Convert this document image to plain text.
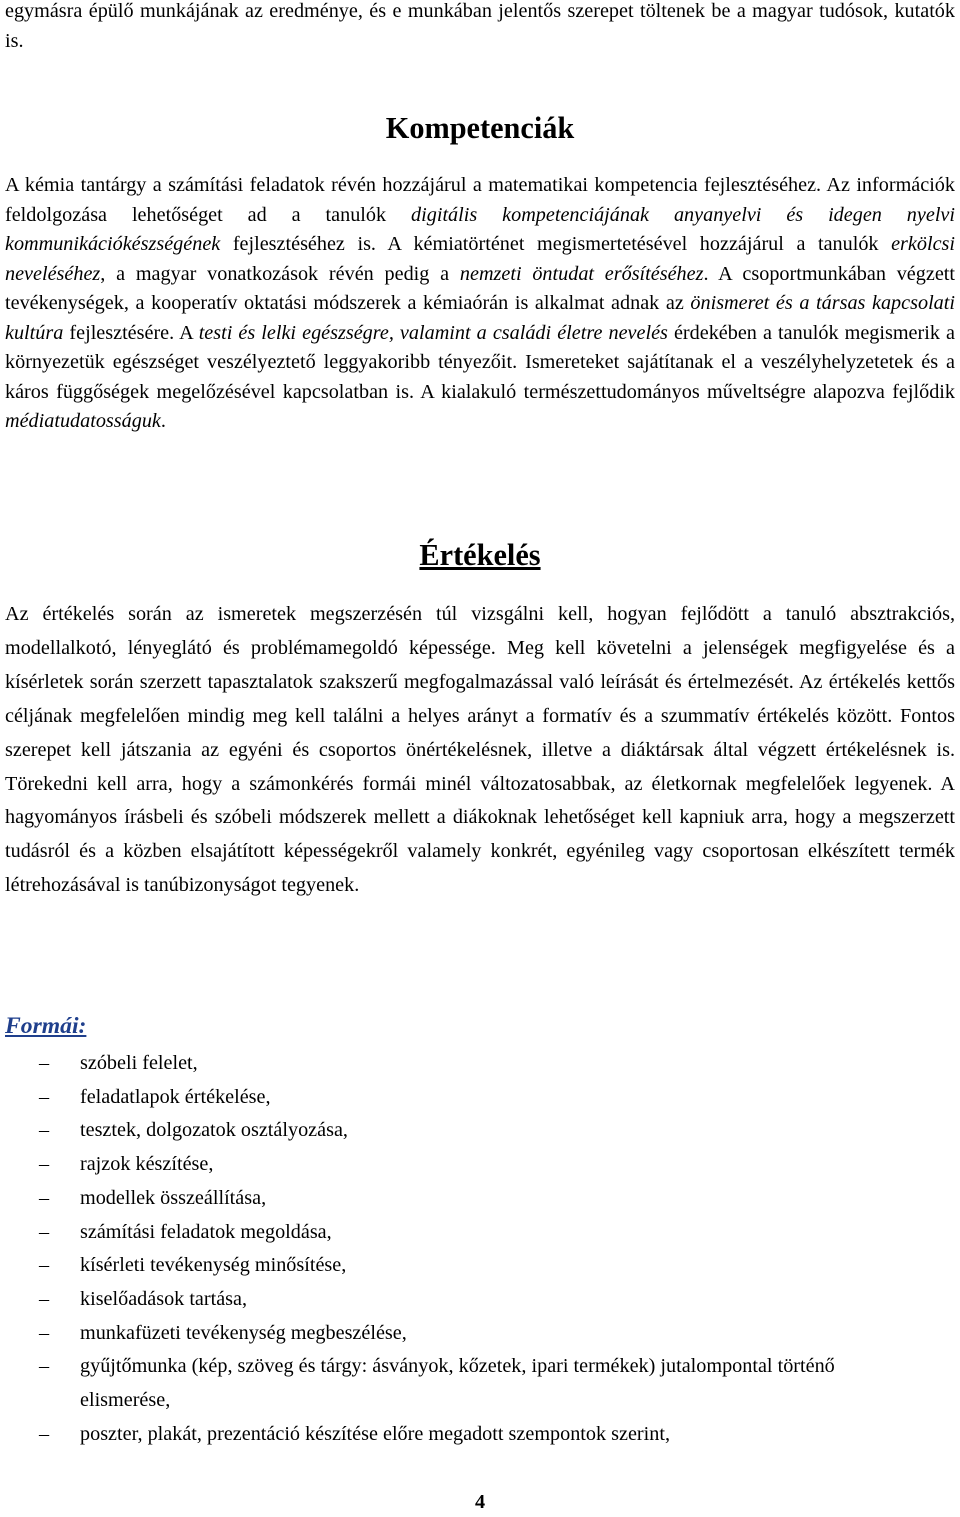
egymásra épülő munkájának az eredménye, és e munkában jelentős szerepet töltenek be a magyar tudósok, kutatók is.

Kompetenciák

A kémia tantárgy a számítási feladatok révén hozzájárul a matematikai kompetencia fejlesztéséhez. Az információk feldolgozása lehetőséget ad a tanulók digitális kompetenciájának anyanyelvi és idegen nyelvi kommunikációkészségének fejlesztéséhez is. A kémiatörténet megismertetésével hozzájárul a tanulók erkölcsi neveléséhez, a magyar vonatkozások révén pedig a nemzeti öntudat erősítéséhez. A csoportmunkában végzett tevékenységek, a kooperatív oktatási módszerek a kémiaórán is alkalmat adnak az önismeret és a társas kapcsolati kultúra fejlesztésére. A testi és lelki egészségre, valamint a családi életre nevelés érdekében a tanulók megismerik a környezetük egészséget veszélyeztető leggyakoribb tényezőit. Ismereteket sajátítanak el a veszélyhelyzetetek és a káros függőségek megelőzésével kapcsolatban is. A kialakuló természettudományos műveltségre alapozva fejlődik médiatudatosságuk.

Értékelés

Az értékelés során az ismeretek megszerzésén túl vizsgálni kell, hogyan fejlődött a tanuló absztrakciós, modellalkotó, lényeglátó és problémamegoldó képessége. Meg kell követelni a jelenségek megfigyelése és a kísérletek során szerzett tapasztalatok szakszerű megfogalmazással való leírását és értelmezését. Az értékelés kettős céljának megfelelően mindig meg kell találni a helyes arányt a formatív és a szummatív értékelés között. Fontos szerepet kell játszania az egyéni és csoportos önértékelésnek, illetve a diáktársak által végzett értékelésnek is. Törekedni kell arra, hogy a számonkérés formái minél változatosabbak, az életkornak megfelelőek legyenek. A hagyományos írásbeli és szóbeli módszerek mellett a diákoknak lehetőséget kell kapniuk arra, hogy a megszerzett tudásról és a közben elsajátított képességekről valamely konkrét, egyénileg vagy csoportosan elkészített termék létrehozásával is tanúbizonyságot tegyenek.

Formái:
– szóbeli felelet,
– feladatlapok értékelése,
– tesztek, dolgozatok osztályozása,
– rajzok készítése,
– modellek összeállítása,
– számítási feladatok megoldása,
– kísérleti tevékenység minősítése,
– kiselőadások tartása,
– munkafüzeti tevékenység megbeszélése,
– gyűjtőmunka (kép, szöveg és tárgy: ásványok, kőzetek, ipari termékek) jutalompontal történő elismerése,
– poszter, plakát, prezentáció készítése előre megadott szempontok szerint,
4
